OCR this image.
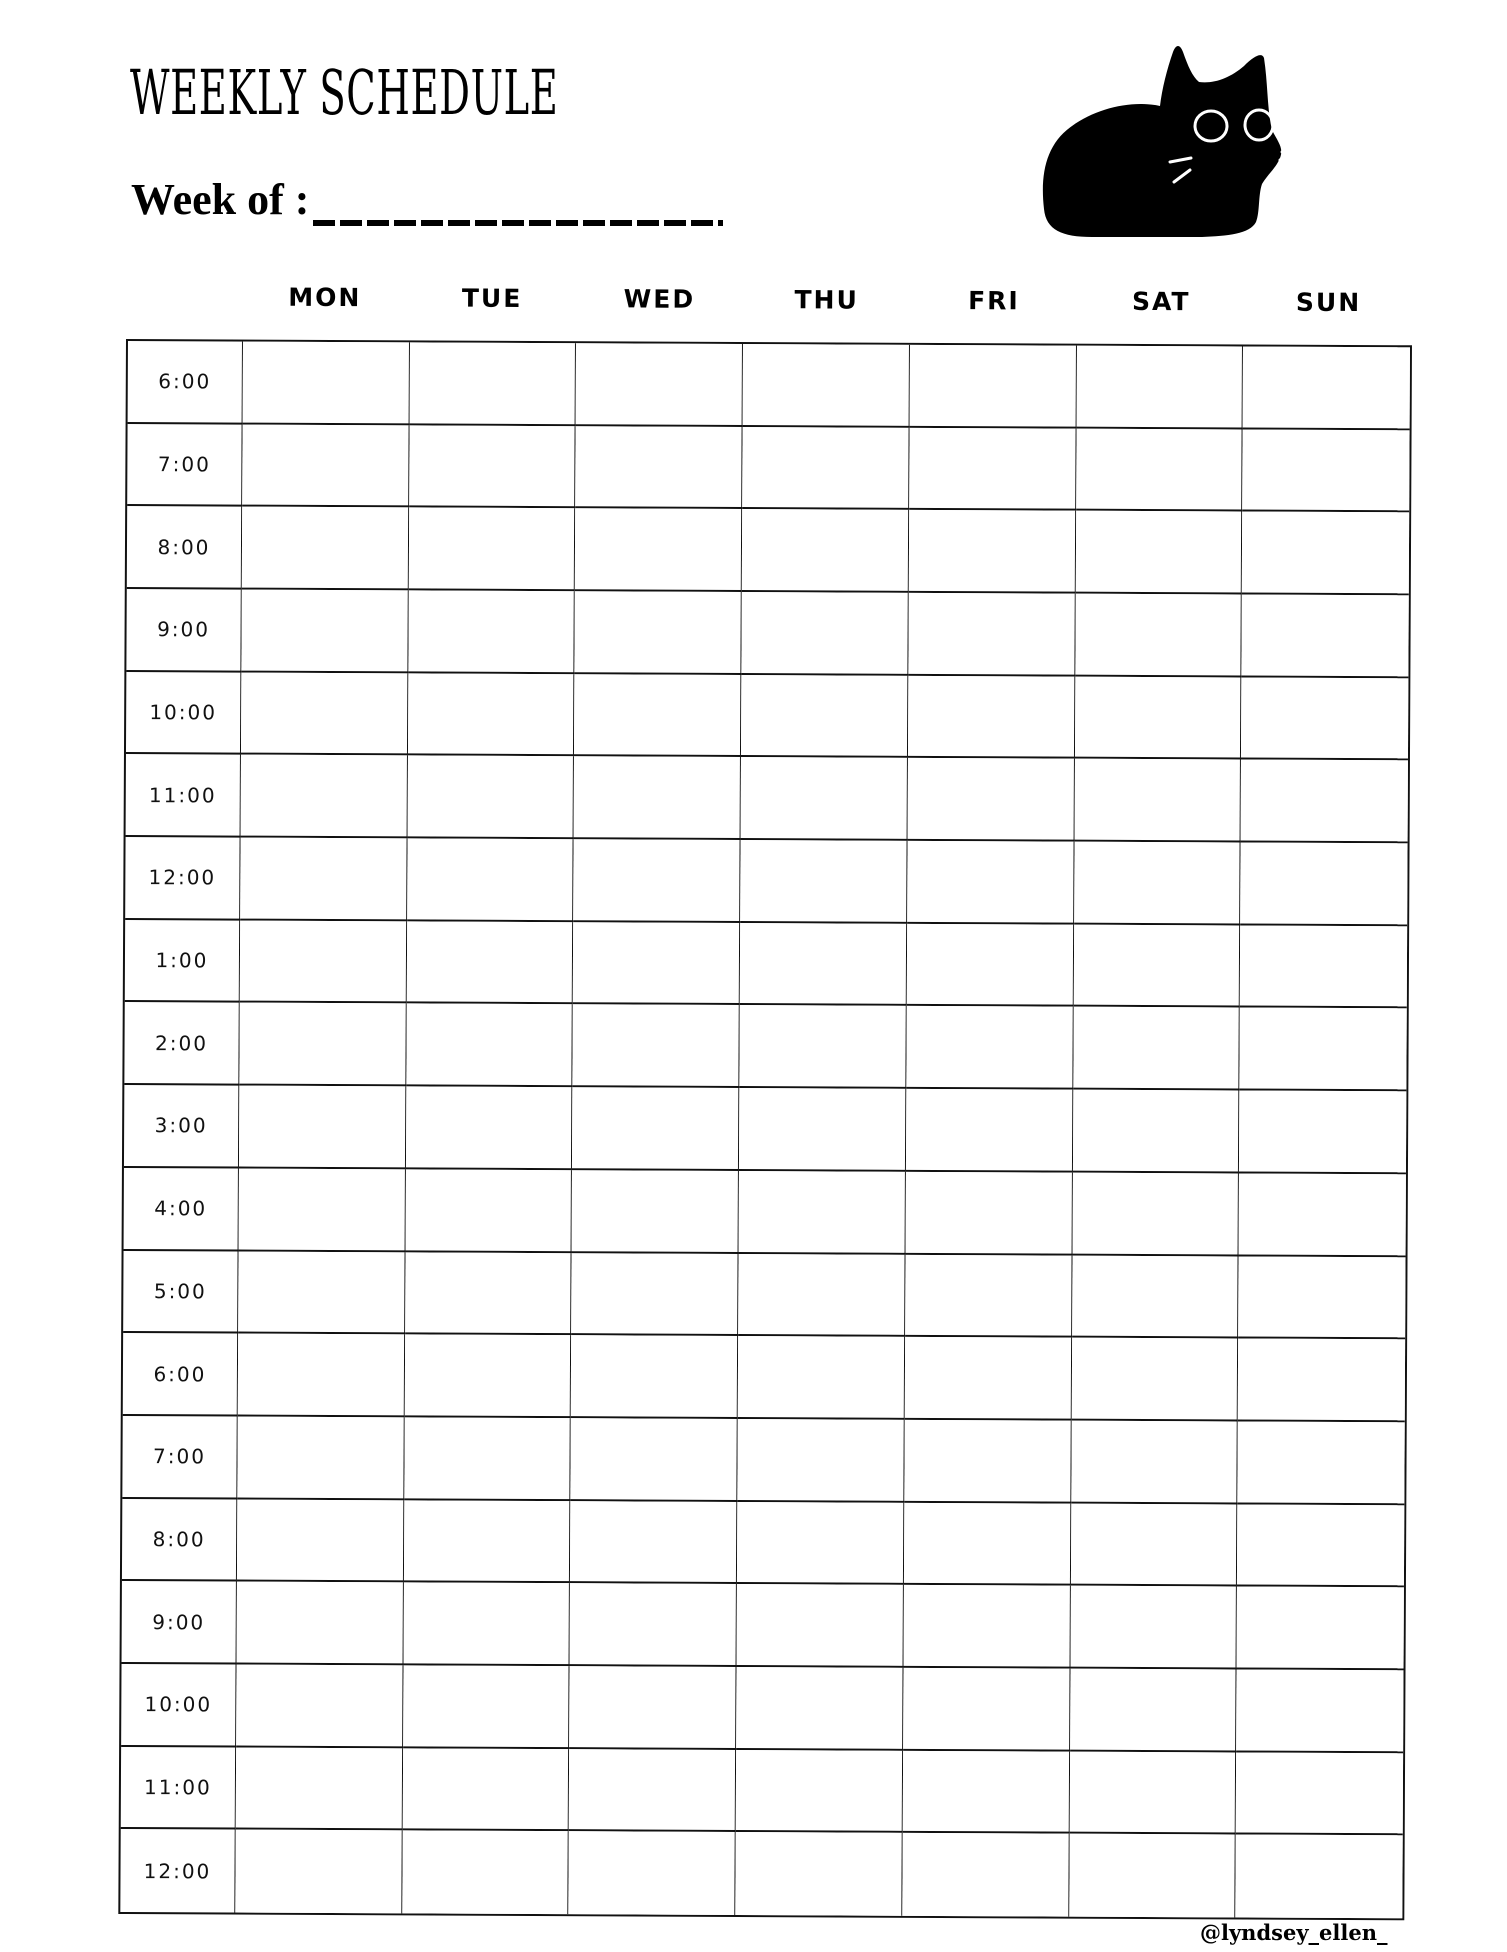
WEEKLY SCHEDULE
Week of :
MON	TUE	WED	THU	FRI	SAT	SUN
6:00
7:00
8:00
9:00
10:00
11:00
12:00
1:00
2:00
3:00
4:00
5:00
6:00
7:00
8:00
9:00
10:00
11:00
12:00
@lyndsey_ellen_
